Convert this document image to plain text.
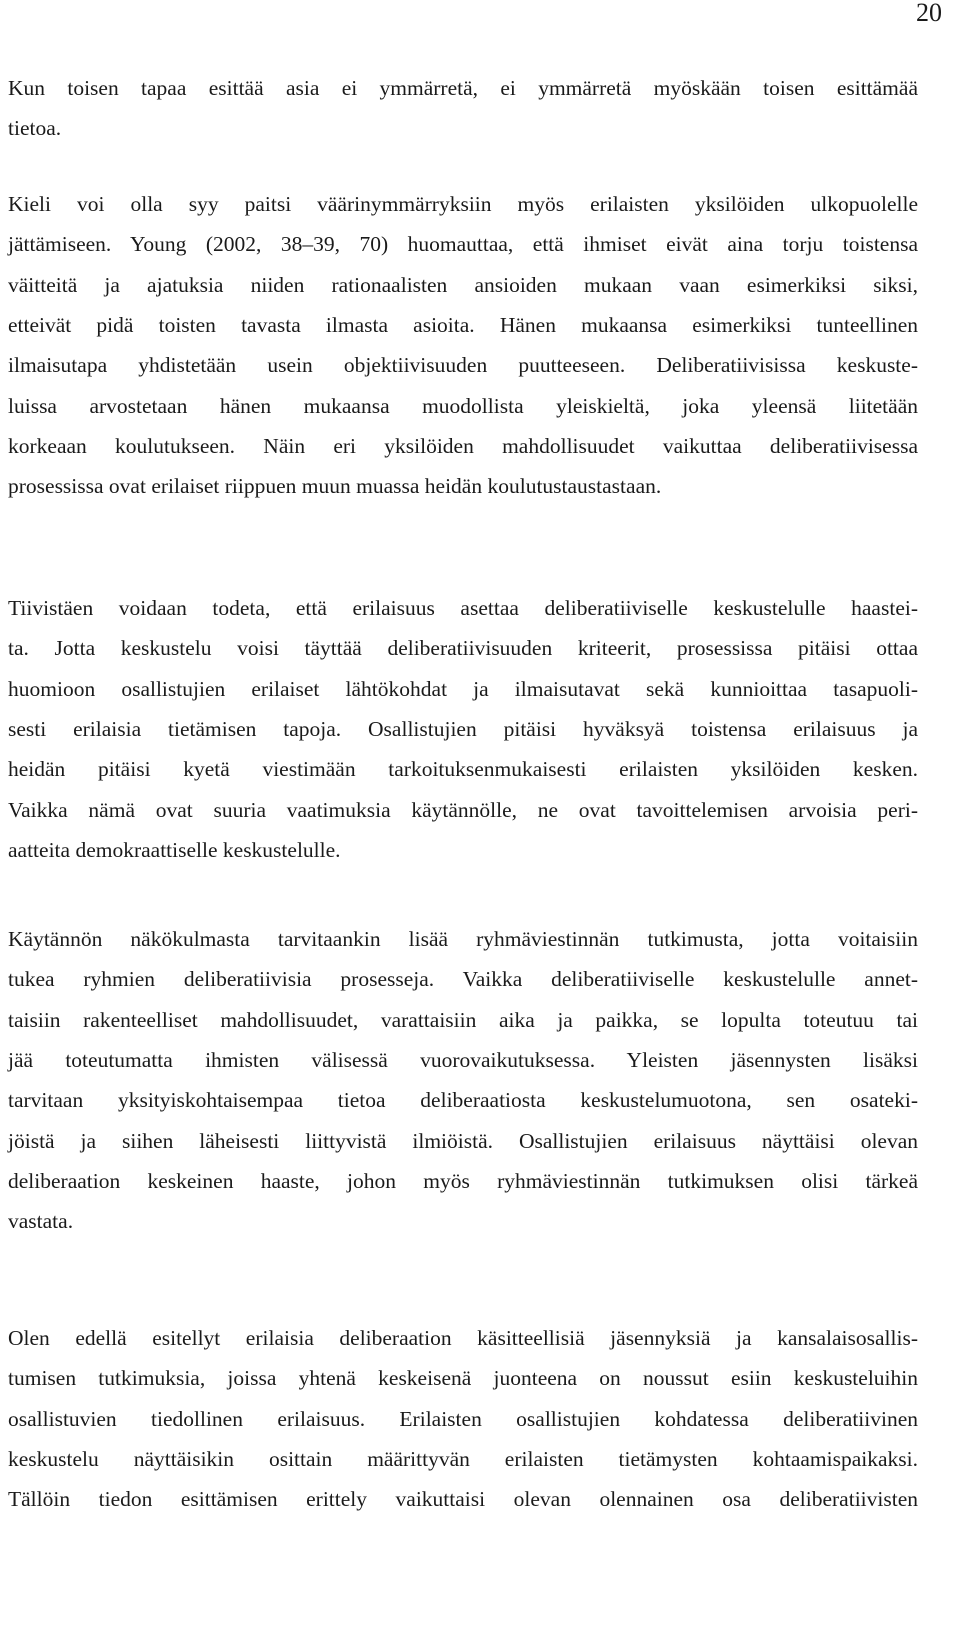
20
Kun toisen tapaa esittää asia ei ymmärretä, ei ymmärretä myöskään toisen esittämää
tietoa.
Kieli voi olla syy paitsi väärinymmärryksiin myös erilaisten yksilöiden ulkopuolelle
jättämiseen. Young (2002, 38–39, 70) huomauttaa, että ihmiset eivät aina torju toistensa
väitteitä ja ajatuksia niiden rationaalisten ansioiden mukaan vaan esimerkiksi siksi,
etteivät pidä toisten tavasta ilmasta asioita. Hänen mukaansa esimerkiksi tunteellinen
ilmaisutapa yhdistetään usein objektiivisuuden puutteeseen. Deliberatiivisissa keskuste-
luissa arvostetaan hänen mukaansa muodollista yleiskieltä, joka yleensä liitetään
korkeaan koulutukseen. Näin eri yksilöiden mahdollisuudet vaikuttaa deliberatiivisessa
prosessissa ovat erilaiset riippuen muun muassa heidän koulutustaustastaan.
Tiivistäen voidaan todeta, että erilaisuus asettaa deliberatiiviselle keskustelulle haastei-
ta. Jotta keskustelu voisi täyttää deliberatiivisuuden kriteerit, prosessissa pitäisi ottaa
huomioon osallistujien erilaiset lähtökohdat ja ilmaisutavat sekä kunnioittaa tasapuoli-
sesti erilaisia tietämisen tapoja. Osallistujien pitäisi hyväksyä toistensa erilaisuus ja
heidän pitäisi kyetä viestimään tarkoituksenmukaisesti erilaisten yksilöiden kesken.
Vaikka nämä ovat suuria vaatimuksia käytännölle, ne ovat tavoittelemisen arvoisia peri-
aatteita demokraattiselle keskustelulle.
Käytännön näkökulmasta tarvitaankin lisää ryhmäviestinnän tutkimusta, jotta voitaisiin
tukea ryhmien deliberatiivisia prosesseja. Vaikka deliberatiiviselle keskustelulle annet-
taisiin rakenteelliset mahdollisuudet, varattaisiin aika ja paikka, se lopulta toteutuu tai
jää toteutumatta ihmisten välisessä vuorovaikutuksessa. Yleisten jäsennysten lisäksi
tarvitaan yksityiskohtaisempaa tietoa deliberaatiosta keskustelumuotona, sen osateki-
jöistä ja siihen läheisesti liittyvistä ilmiöistä. Osallistujien erilaisuus näyttäisi olevan
deliberaation keskeinen haaste, johon myös ryhmäviestinnän tutkimuksen olisi tärkeä
vastata.
Olen edellä esitellyt erilaisia deliberaation käsitteellisiä jäsennyksiä ja kansalaisosallis-
tumisen tutkimuksia, joissa yhtenä keskeisenä juonteena on noussut esiin keskusteluihin
osallistuvien tiedollinen erilaisuus. Erilaisten osallistujien kohdatessa deliberatiivinen
keskustelu näyttäisikin osittain määrittyvän erilaisten tietämysten kohtaamispaikaksi.
Tällöin tiedon esittämisen erittely vaikuttaisi olevan olennainen osa deliberatiivisten
